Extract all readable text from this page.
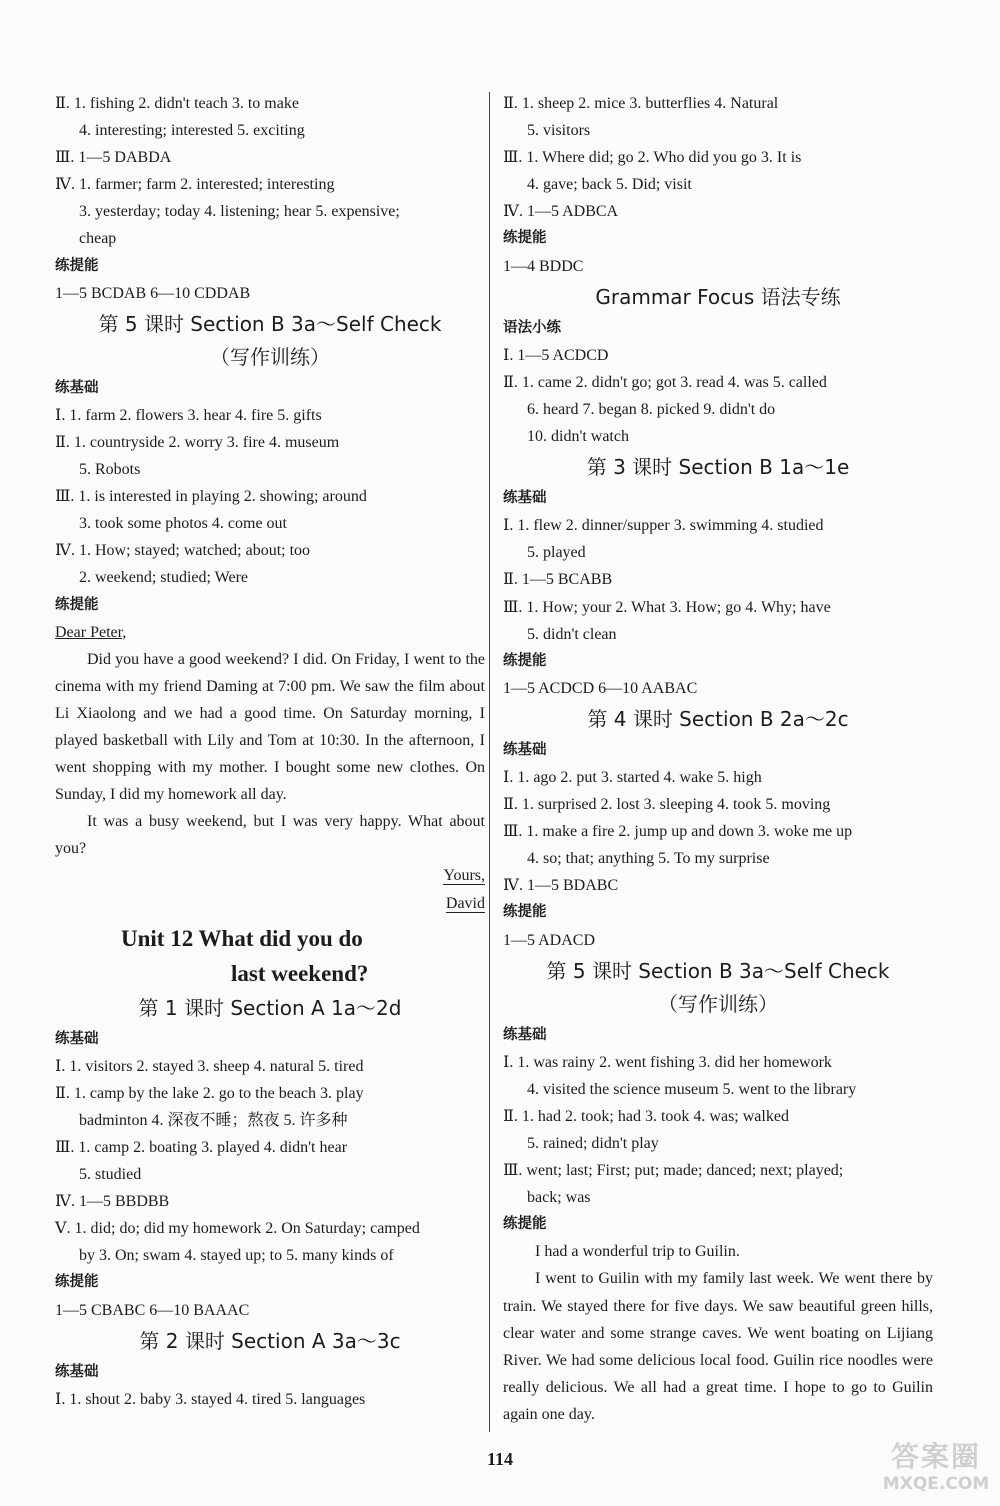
Ⅱ. 1. fishing 2. didn't teach 3. to make
4. interesting; interested 5. exciting
Ⅲ. 1—5 DABDA
Ⅳ. 1. farmer; farm 2. interested; interesting
3. yesterday; today 4. listening; hear 5. expensive;
cheap
练提能
1—5 BCDAB 6—10 CDDAB
第 5 课时 Section B 3a～Self Check
（写作训练）
练基础
Ⅰ. 1. farm 2. flowers 3. hear 4. fire 5. gifts
Ⅱ. 1. countryside 2. worry 3. fire 4. museum
5. Robots
Ⅲ. 1. is interested in playing 2. showing; around
3. took some photos 4. come out
Ⅳ. 1. How; stayed; watched; about; too
2. weekend; studied; Were
练提能
Dear Peter,
Did you have a good weekend? I did. On Friday, I went to the cinema with my friend Daming at 7:00 pm. We saw the film about Li Xiaolong and we had a good time. On Saturday morning, I played basketball with Lily and Tom at 10:30. In the afternoon, I went shopping with my mother. I bought some new clothes. On Sunday, I did my homework all day.
It was a busy weekend, but I was very happy. What about you?
Yours,
David
Unit 12 What did you do
last weekend?
第 1 课时 Section A 1a～2d
练基础
Ⅰ. 1. visitors 2. stayed 3. sheep 4. natural 5. tired
Ⅱ. 1. camp by the lake 2. go to the beach 3. play
badminton 4. 深夜不睡；熬夜 5. 许多种
Ⅲ. 1. camp 2. boating 3. played 4. didn't hear
5. studied
Ⅳ. 1—5 BBDBB
Ⅴ. 1. did; do; did my homework 2. On Saturday; camped
by 3. On; swam 4. stayed up; to 5. many kinds of
练提能
1—5 CBABC 6—10 BAAAC
第 2 课时 Section A 3a～3c
练基础
Ⅰ. 1. shout 2. baby 3. stayed 4. tired 5. languages
Ⅱ. 1. sheep 2. mice 3. butterflies 4. Natural
5. visitors
Ⅲ. 1. Where did; go 2. Who did you go 3. It is
4. gave; back 5. Did; visit
Ⅳ. 1—5 ADBCA
练提能
1—4 BDDC
Grammar Focus 语法专练
语法小练
Ⅰ. 1—5 ACDCD
Ⅱ. 1. came 2. didn't go; got 3. read 4. was 5. called
6. heard 7. began 8. picked 9. didn't do
10. didn't watch
第 3 课时 Section B 1a～1e
练基础
Ⅰ. 1. flew 2. dinner/supper 3. swimming 4. studied
5. played
Ⅱ. 1—5 BCABB
Ⅲ. 1. How; your 2. What 3. How; go 4. Why; have
5. didn't clean
练提能
1—5 ACDCD 6—10 AABAC
第 4 课时 Section B 2a～2c
练基础
Ⅰ. 1. ago 2. put 3. started 4. wake 5. high
Ⅱ. 1. surprised 2. lost 3. sleeping 4. took 5. moving
Ⅲ. 1. make a fire 2. jump up and down 3. woke me up
4. so; that; anything 5. To my surprise
Ⅳ. 1—5 BDABC
练提能
1—5 ADACD
第 5 课时 Section B 3a～Self Check
（写作训练）
练基础
Ⅰ. 1. was rainy 2. went fishing 3. did her homework
4. visited the science museum 5. went to the library
Ⅱ. 1. had 2. took; had 3. took 4. was; walked
5. rained; didn't play
Ⅲ. went; last; First; put; made; danced; next; played;
back; was
练提能
I had a wonderful trip to Guilin.
I went to Guilin with my family last week. We went there by train. We stayed there for five days. We saw beautiful green hills, clear water and some strange caves. We went boating on Lijiang River. We had some delicious local food. Guilin rice noodles were really delicious. We all had a great time. I hope to go to Guilin again one day.
114	答案圈
MXQE.COM
